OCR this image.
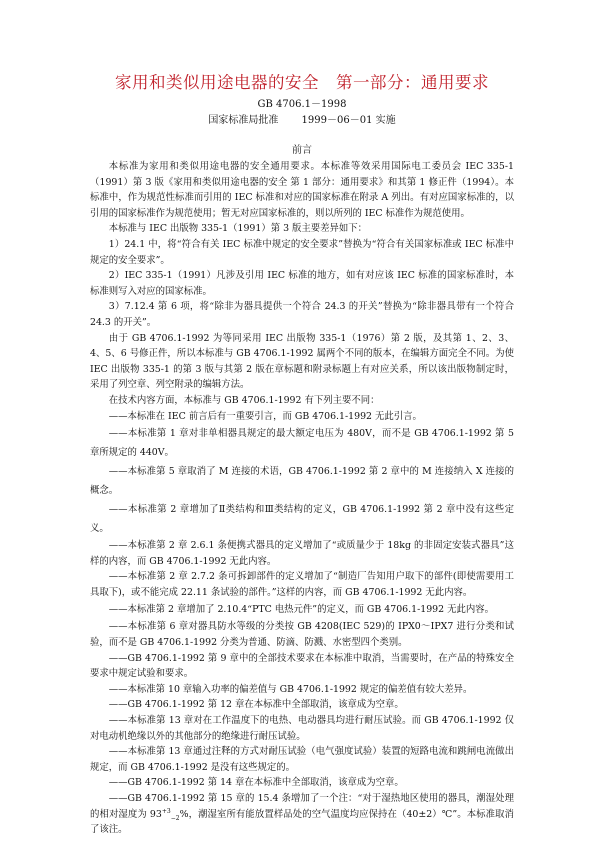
家用和类似用途电器的安全　第一部分：通用要求
GB 4706.1－1998
国家标准局批准　　 1999－06－01 实施
前言

本标准为家用和类似用途电器的安全通用要求。本标准等效采用国际电工委员会 IEC 335-1（1991）第 3 版《家用和类似用途电器的安全 第 1 部分：通用要求》和其第 1 修正件（1994）。本标准中，作为规范性标准而引用的 IEC 标准和对应的国家标准在附录 A 列出。有对应国家标准的，以引用的国家标准作为规范使用；暂无对应国家标准的，则以所列的 IEC 标准作为规范使用。

本标准与 IEC 出版物 335-1（1991）第 3 版主要差异如下：

1）24.1 中，将“符合有关 IEC 标准中规定的安全要求”替换为“符合有关国家标准或 IEC 标准中规定的安全要求”。

2）IEC 335-1（1991）凡涉及引用 IEC 标准的地方，如有对应该 IEC 标准的国家标准时，本标准则写入对应的国家标准。

3）7.12.4 第 6 项，将“除非为器具提供一个符合 24.3 的开关”替换为“除非器具带有一个符合 24.3 的开关”。

由于 GB 4706.1-1992 为等同采用 IEC 出版物 335-1（1976）第 2 版，及其第 1、2、3、4、5、6 号修正件，所以本标准与 GB 4706.1-1992 属两个不同的版本，在编辑方面完全不同。为使 IEC 出版物 335-1 的第 3 版与其第 2 版在章标题和附录标题上有对应关系，所以该出版物制定时，采用了列空章、列空附录的编辑方法。

在技术内容方面，本标准与 GB 4706.1-1992 有下列主要不同：

——本标准在 IEC 前言后有一重要引言，而 GB 4706.1-1992 无此引言。

——本标准第 1 章对非单相器具规定的最大额定电压为 480V，而不是 GB 4706.1-1992 第 5 章所规定的 440V。

——本标准第 5 章取消了 M 连接的术语，GB 4706.1-1992 第 2 章中的 M 连接纳入 X 连接的概念。

——本标准第 2 章增加了Ⅱ类结构和Ⅲ类结构的定义，GB 4706.1-1992 第 2 章中没有这些定义。

——本标准第 2 章 2.6.1 条便携式器具的定义增加了“或质量少于 18kg 的非固定安装式器具”这样的内容，而 GB 4706.1-1992 无此内容。

——本标准第 2 章 2.7.2 条可拆卸部件的定义增加了“制造厂告知用户取下的部件(即使需要用工具取下)，或不能完成 22.11 条试验的部件。”这样的内容，而 GB 4706.1-1992 无此内容。

——本标准第 2 章增加了 2.10.4“PTC 电热元件”的定义，而 GB 4706.1-1992 无此内容。

——本标准第 6 章对器具防水等级的分类按 GB 4208(IEC 529)的 IPX0～IPX7 进行分类和试验，而不是 GB 4706.1-1992 分类为普通、防滴、防溅、水密型四个类别。

——GB 4706.1-1992 第 9 章中的全部技术要求在本标准中取消，当需要时，在产品的特殊安全要求中规定试验和要求。

——本标准第 10 章输入功率的偏差值与 GB 4706.1-1992 规定的偏差值有较大差异。

——GB 4706.1-1992 第 12 章在本标准中全部取消，该章成为空章。

——本标准第 13 章对在工作温度下的电热、电动器具均进行耐压试验。而 GB 4706.1-1992 仅对电动机绝缘以外的其他部分的绝缘进行耐压试验。

——本标准第 13 章通过注释的方式对耐压试验（电气强度试验）装置的短路电流和跳闸电流做出规定，而 GB 4706.1-1992 是没有这些规定的。

——GB 4706.1-1992 第 14 章在本标准中全部取消，该章成为空章。

——GB 4706.1-1992 第 15 章的 15.4 条增加了一个注：“对于湿热地区使用的器具，潮湿处理的相对湿度为 $93^{+3}_{-2}\%$，潮湿室所有能放置样品处的空气温度均应保持在（40±2）℃”。本标准取消了该注。
